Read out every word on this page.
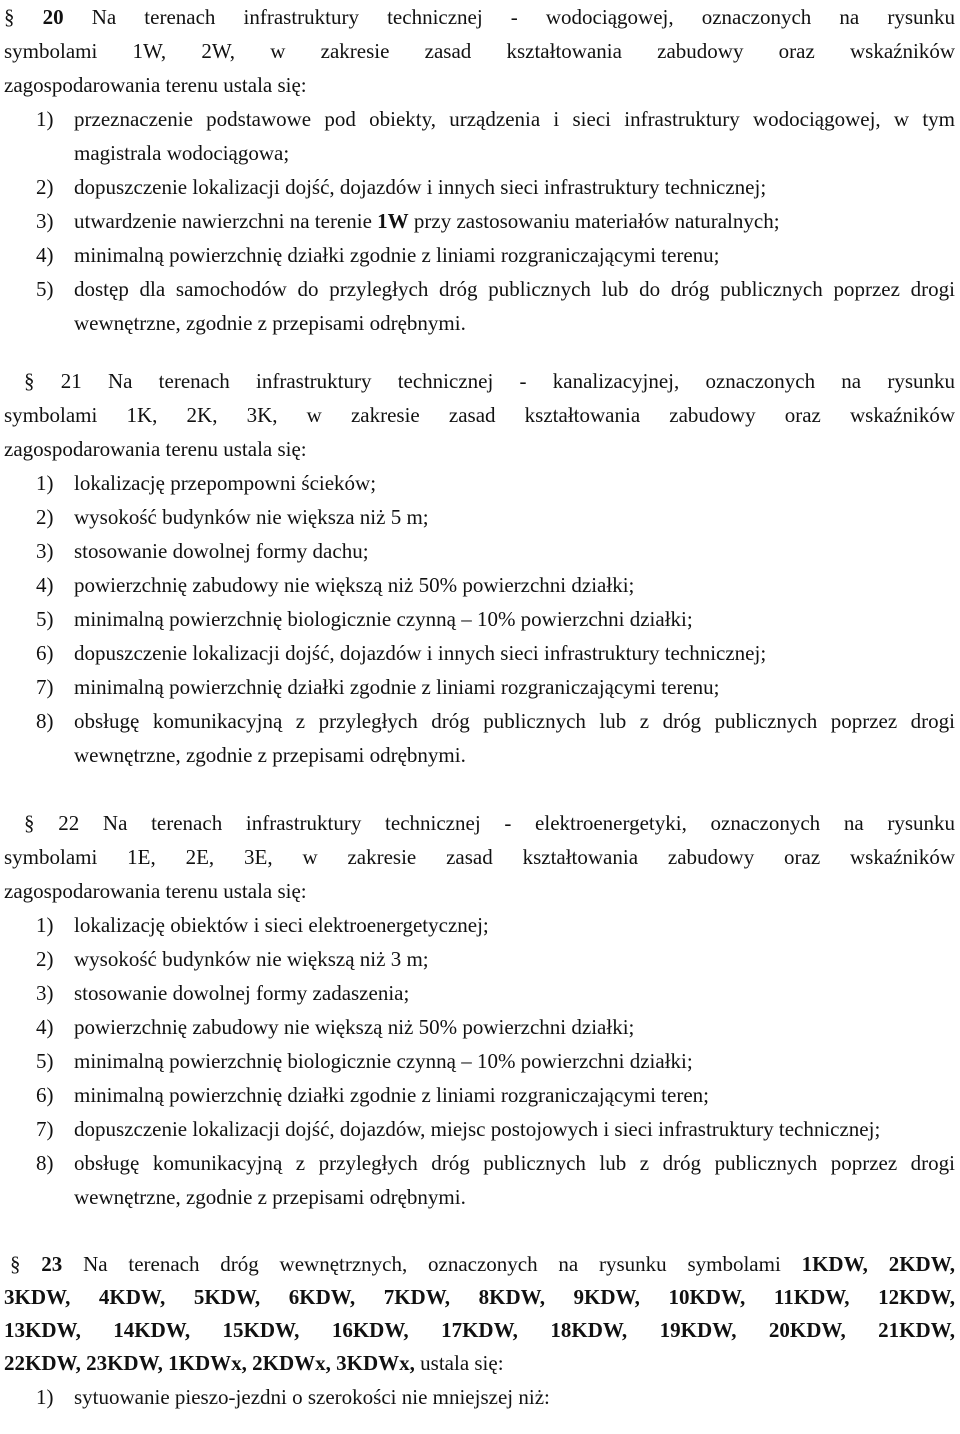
§ 20 Na terenach infrastruktury technicznej - wodociągowej, oznaczonych na rysunku
symbolami 1W, 2W, w zakresie zasad kształtowania zabudowy oraz wskaźników
zagospodarowania terenu ustala się:

1) przeznaczenie podstawowe pod obiekty, urządzenia i sieci infrastruktury wodociągowej, w tym magistrala wodociągowa;
2) dopuszczenie lokalizacji dojść, dojazdów i innych sieci infrastruktury technicznej;
3) utwardzenie nawierzchni na terenie 1W przy zastosowaniu materiałów naturalnych;
4) minimalną powierzchnię działki zgodnie z liniami rozgraniczającymi terenu;
5) dostęp dla samochodów do przyległych dróg publicznych lub do dróg publicznych poprzez drogi wewnętrzne, zgodnie z przepisami odrębnymi.

§ 21 Na terenach infrastruktury technicznej - kanalizacyjnej, oznaczonych na rysunku
symbolami 1K, 2K, 3K, w zakresie zasad kształtowania zabudowy oraz wskaźników
zagospodarowania terenu ustala się:

1) lokalizację przepompowni ścieków;
2) wysokość budynków nie większa niż 5 m;
3) stosowanie dowolnej formy dachu;
4) powierzchnię zabudowy nie większą niż 50% powierzchni działki;
5) minimalną powierzchnię biologicznie czynną – 10% powierzchni działki;
6) dopuszczenie lokalizacji dojść, dojazdów i innych sieci infrastruktury technicznej;
7) minimalną powierzchnię działki zgodnie z liniami rozgraniczającymi terenu;
8) obsługę komunikacyjną z przyległych dróg publicznych lub z dróg publicznych poprzez drogi wewnętrzne, zgodnie z przepisami odrębnymi.

§ 22 Na terenach infrastruktury technicznej - elektroenergetyki, oznaczonych na rysunku
symbolami 1E, 2E, 3E, w zakresie zasad kształtowania zabudowy oraz wskaźników
zagospodarowania terenu ustala się:

1) lokalizację obiektów i sieci elektroenergetycznej;
2) wysokość budynków nie większą niż 3 m;
3) stosowanie dowolnej formy zadaszenia;
4) powierzchnię zabudowy nie większą niż 50% powierzchni działki;
5) minimalną powierzchnię biologicznie czynną – 10% powierzchni działki;
6) minimalną powierzchnię działki zgodnie z liniami rozgraniczającymi teren;
7) dopuszczenie lokalizacji dojść, dojazdów, miejsc postojowych i sieci infrastruktury technicznej;
8) obsługę komunikacyjną z przyległych dróg publicznych lub z dróg publicznych poprzez drogi wewnętrzne, zgodnie z przepisami odrębnymi.

§ 23 Na terenach dróg wewnętrznych, oznaczonych na rysunku symbolami 1KDW, 2KDW,
3KDW, 4KDW, 5KDW, 6KDW, 7KDW, 8KDW, 9KDW, 10KDW, 11KDW, 12KDW,
13KDW, 14KDW, 15KDW, 16KDW, 17KDW, 18KDW, 19KDW, 20KDW, 21KDW,
22KDW, 23KDW, 1KDWx, 2KDWx, 3KDWx, ustala się:

1) sytuowanie pieszo-jezdni o szerokości nie mniejszej niż:
